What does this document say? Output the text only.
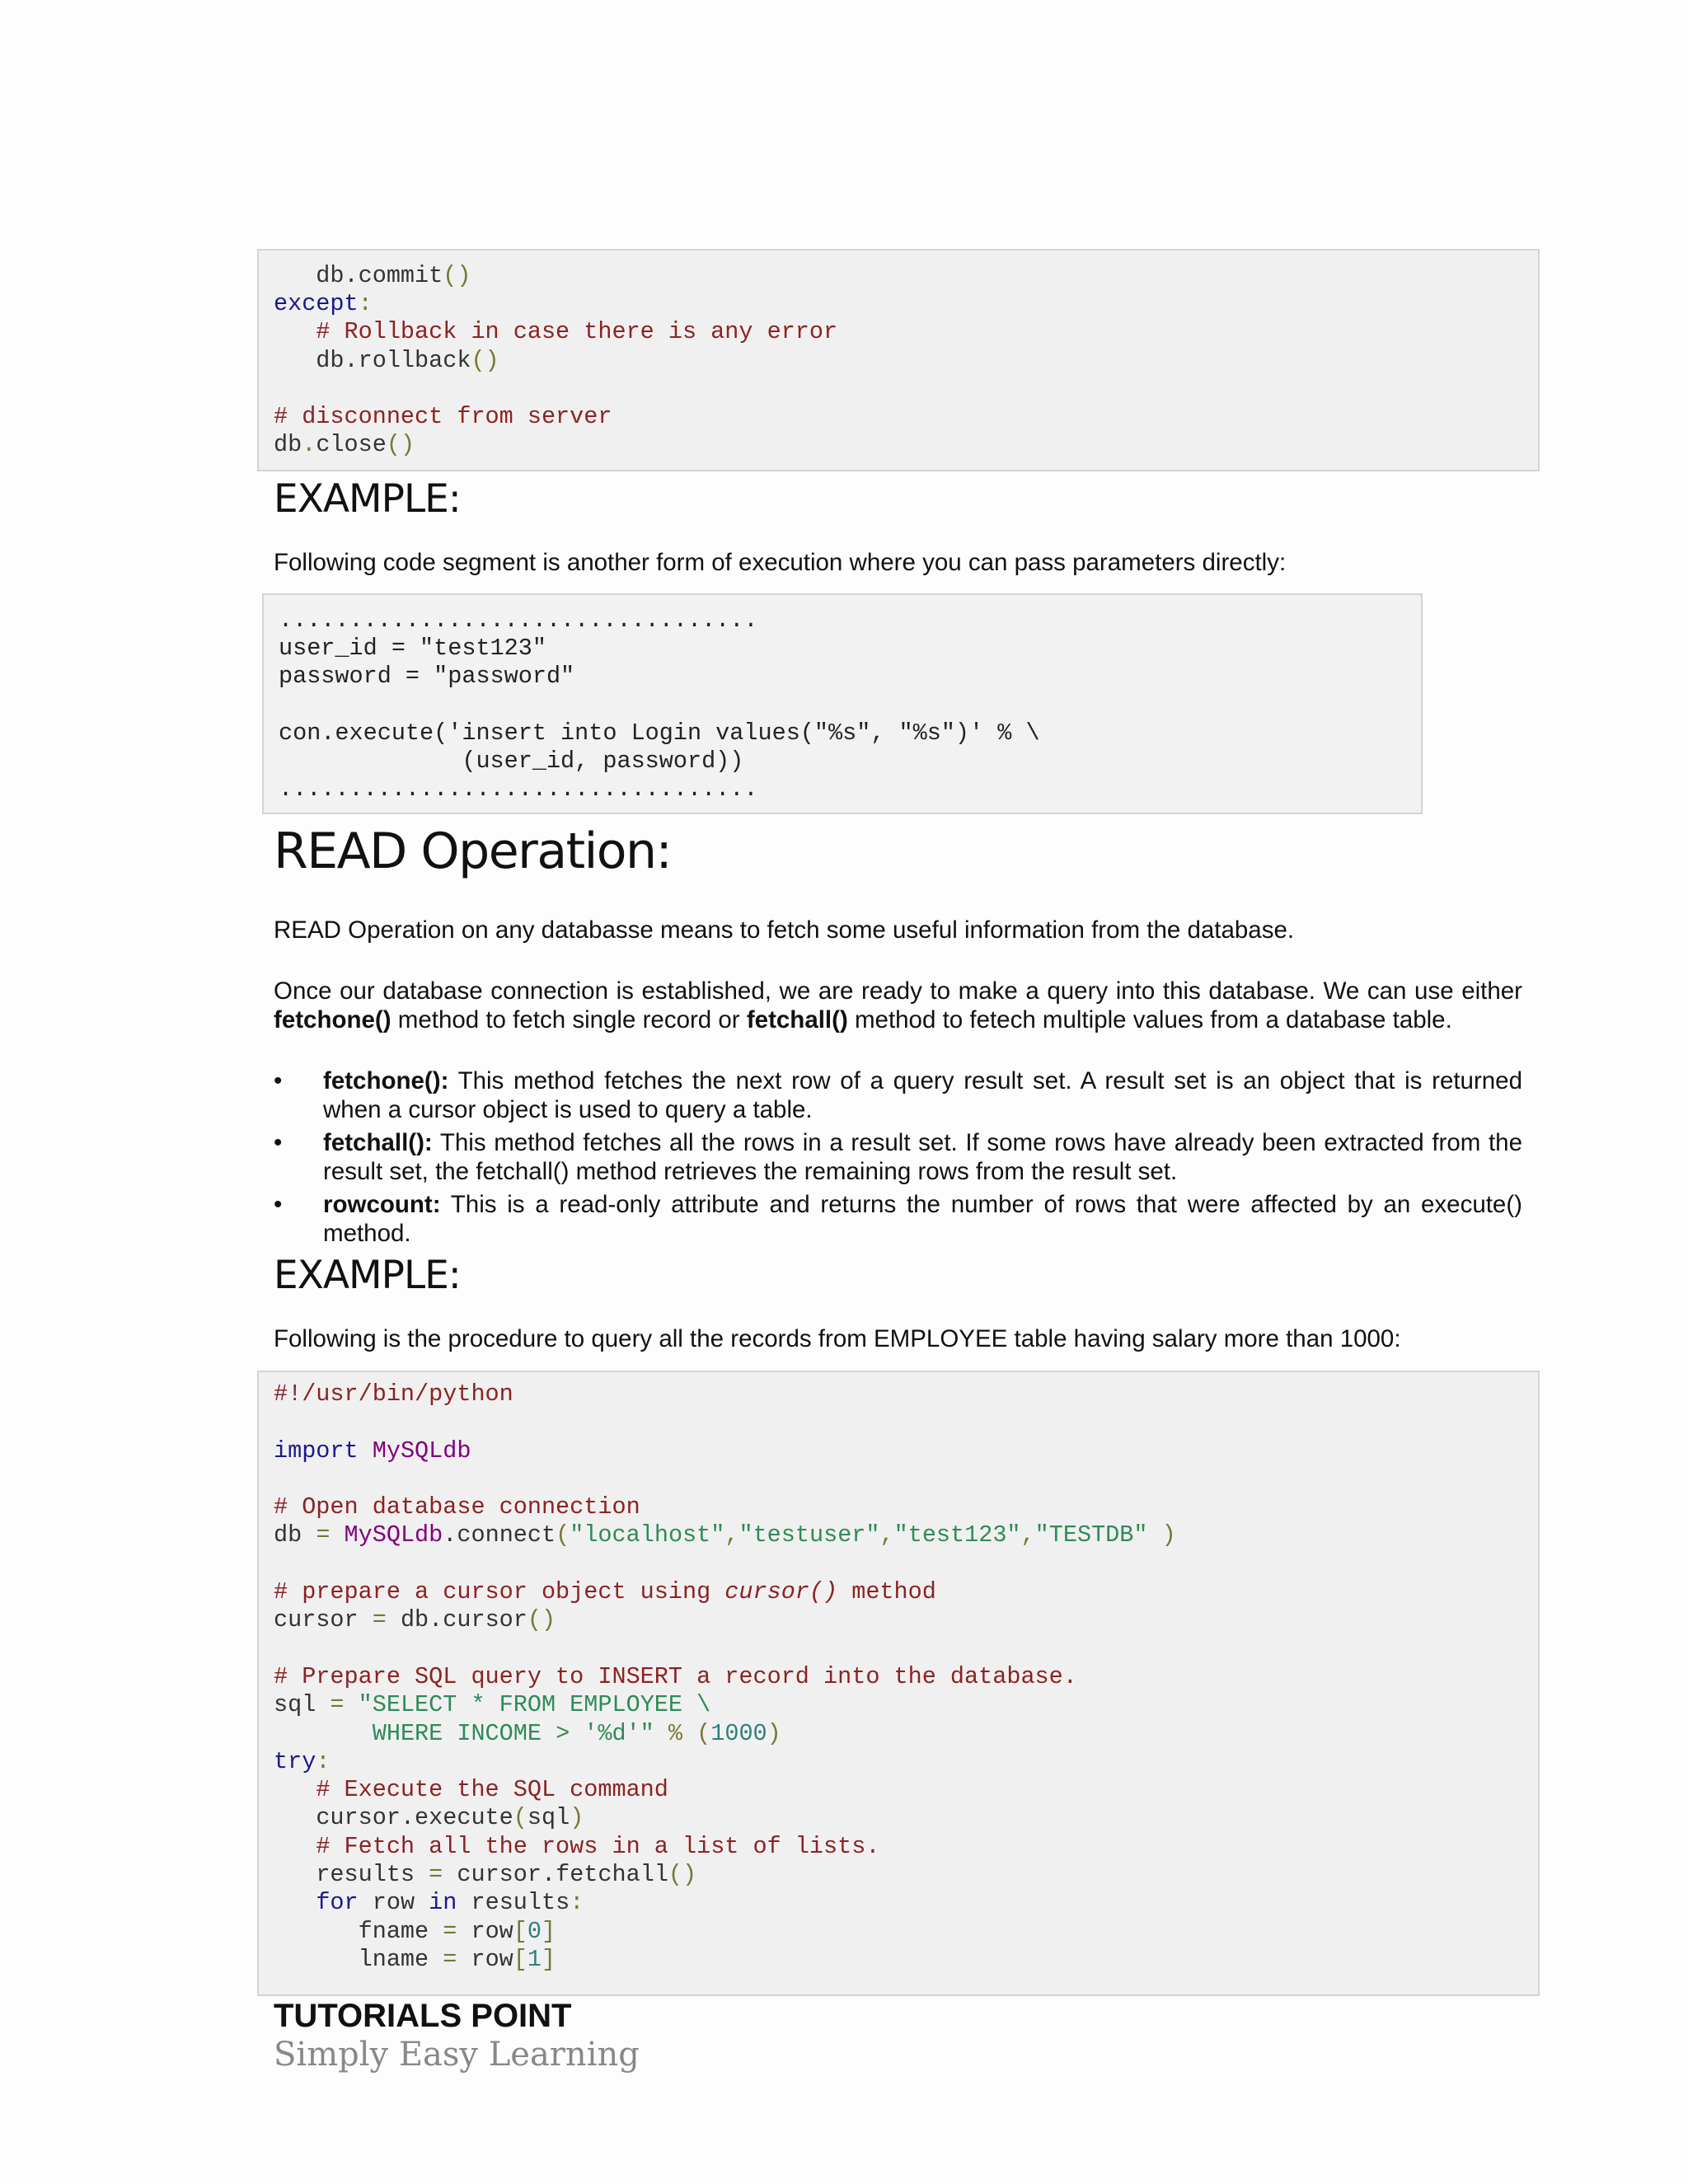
db.commit()
except:
# Rollback in case there is any error
db.rollback()

# disconnect from server
db.close()
EXAMPLE:
Following code segment is another form of execution where you can pass parameters directly:
..................................
user_id = "test123"
password = "password"

con.execute('insert into Login values("%s", "%s")' % \
(user_id, password))
..................................
READ Operation:
READ Operation on any databasse means to fetch some useful information from the database.
Once our database connection is established, we are ready to make a query into this database. We can use either fetchone() method to fetch single record or fetchall() method to fetech multiple values from a database table.
• fetchone(): This method fetches the next row of a query result set. A result set is an object that is returned when a cursor object is used to query a table.
• fetchall(): This method fetches all the rows in a result set. If some rows have already been extracted from the result set, the fetchall() method retrieves the remaining rows from the result set.
• rowcount: This is a read-only attribute and returns the number of rows that were affected by an execute() method.
EXAMPLE:
Following is the procedure to query all the records from EMPLOYEE table having salary more than 1000:
#!/usr/bin/python

import MySQLdb

# Open database connection
db = MySQLdb.connect("localhost","testuser","test123","TESTDB" )

# prepare a cursor object using cursor() method
cursor = db.cursor()

# Prepare SQL query to INSERT a record into the database.
sql = "SELECT * FROM EMPLOYEE \
WHERE INCOME > '%d'" % (1000)
try:
# Execute the SQL command
cursor.execute(sql)
# Fetch all the rows in a list of lists.
results = cursor.fetchall()
for row in results:
fname = row[0]
lname = row[1]
TUTORIALS POINT
Simply Easy Learning
